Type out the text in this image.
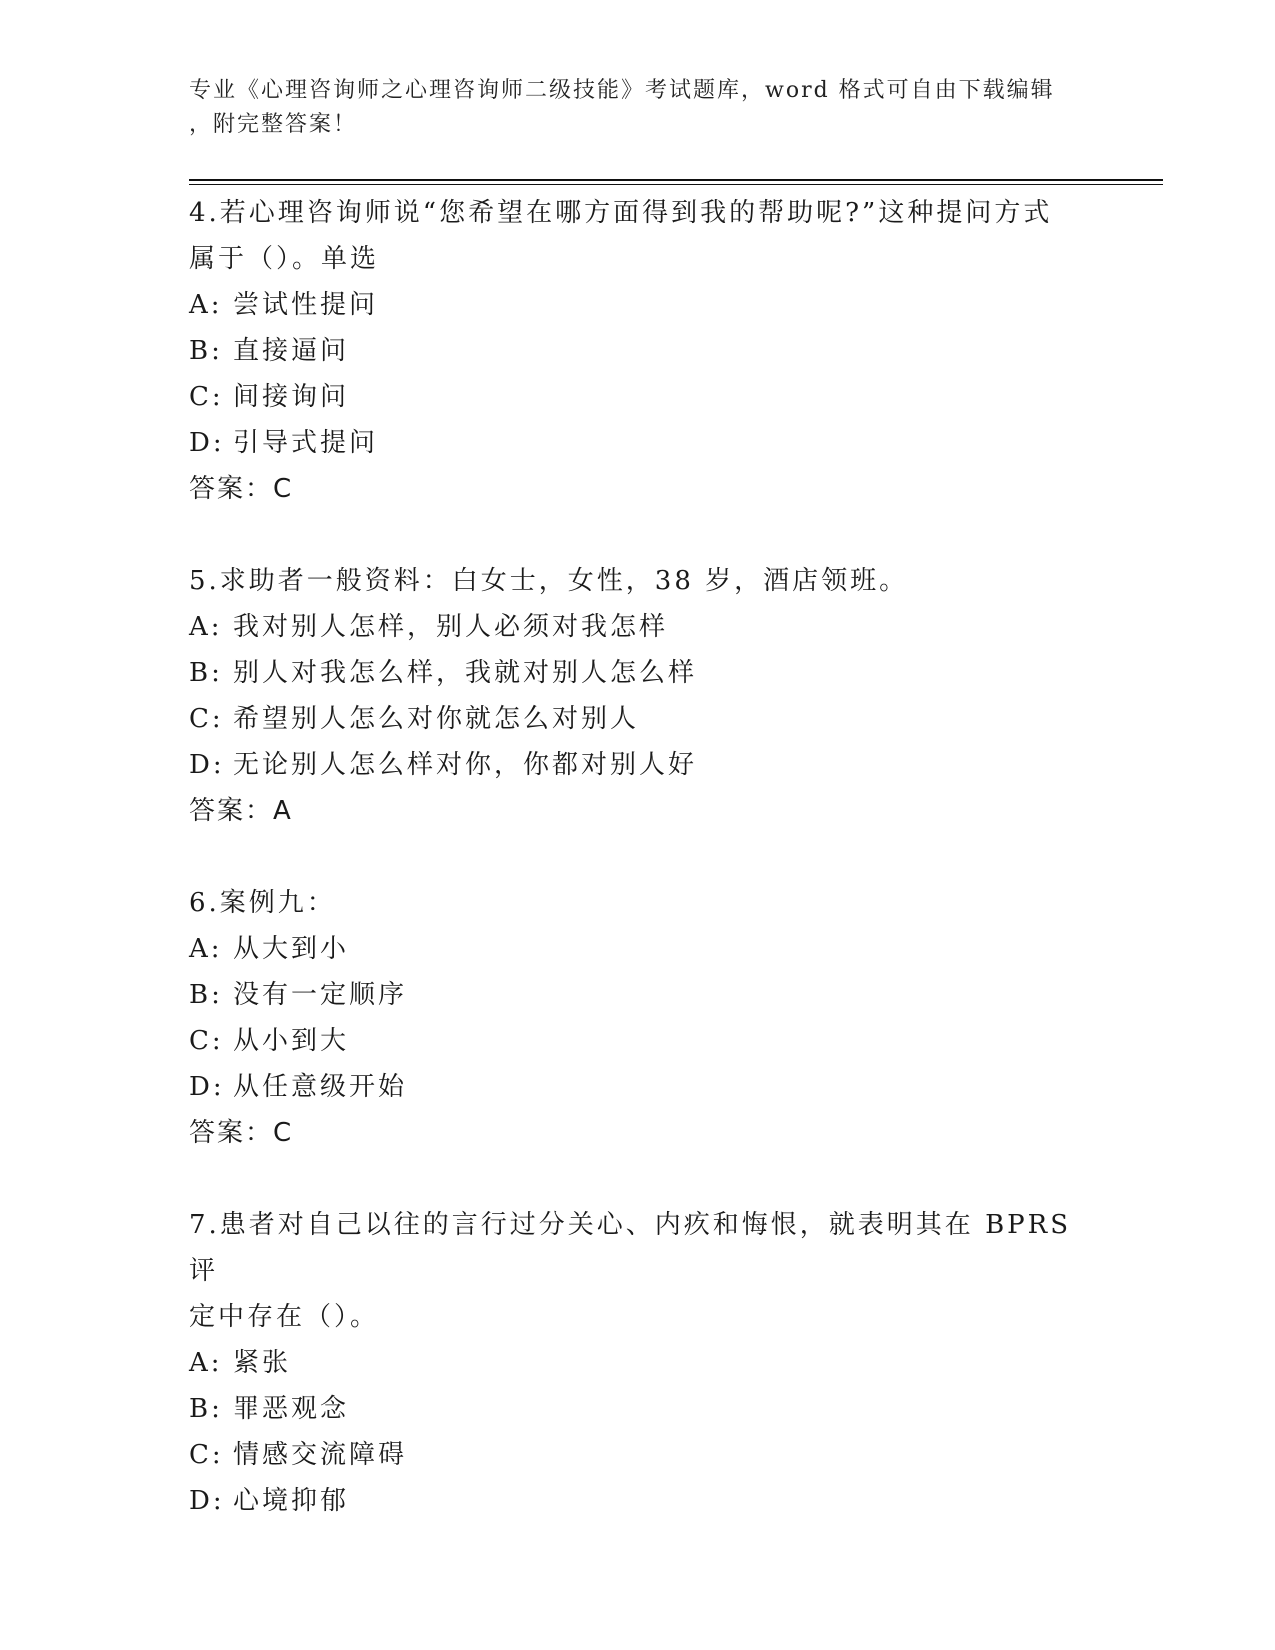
专业《心理咨询师之心理咨询师二级技能》考试题库，word 格式可自由下载编辑
，附完整答案！

4.若心理咨询师说“您希望在哪方面得到我的帮助呢?”这种提问方式

属于（）。单选

A: 尝试性提问

B: 直接逼问

C: 间接询问

D: 引导式提问

答案：C

5.求助者一般资料：白女士，女性，38 岁，酒店领班。

A: 我对别人怎样，别人必须对我怎样

B: 别人对我怎么样，我就对别人怎么样

C: 希望别人怎么对你就怎么对别人

D: 无论别人怎么样对你，你都对别人好

答案：A

6.案例九：

A: 从大到小

B: 没有一定顺序

C: 从小到大

D: 从任意级开始

答案：C

7.患者对自己以往的言行过分关心、内疚和悔恨，就表明其在 BPRS 评

定中存在（）。

A: 紧张

B: 罪恶观念

C: 情感交流障碍

D: 心境抑郁
